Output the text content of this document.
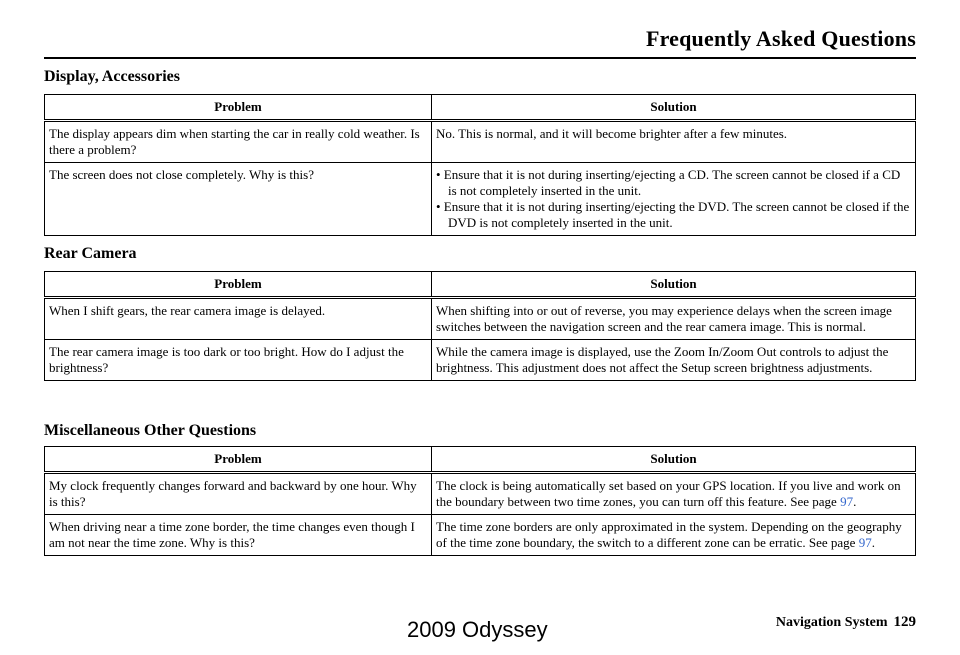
Frequently Asked Questions
Display, Accessories
Problem	Solution
The display appears dim when starting the car in really cold weather. Is there a problem?	No. This is normal, and it will become brighter after a few minutes.
The screen does not close completely. Why is this?	• Ensure that it is not during inserting/ejecting a CD. The screen cannot be closed if a CD is not completely inserted in the unit.
• Ensure that it is not during inserting/ejecting the DVD. The screen cannot be closed if the DVD is not completely inserted in the unit.
Rear Camera
Problem	Solution
When I shift gears, the rear camera image is delayed.	When shifting into or out of reverse, you may experience delays when the screen image switches between the navigation screen and the rear camera image. This is normal.
The rear camera image is too dark or too bright. How do I adjust the brightness?	While the camera image is displayed, use the Zoom In/Zoom Out controls to adjust the brightness. This adjustment does not affect the Setup screen brightness adjustments.
Miscellaneous Other Questions
Problem	Solution
My clock frequently changes forward and backward by one hour. Why is this?	The clock is being automatically set based on your GPS location. If you live and work on the boundary between two time zones, you can turn off this feature. See page 97.
When driving near a time zone border, the time changes even though I am not near the time zone. Why is this?	The time zone borders are only approximated in the system. Depending on the geography of the time zone boundary, the switch to a different zone can be erratic. See page 97.
Navigation System 129
2009 Odyssey
